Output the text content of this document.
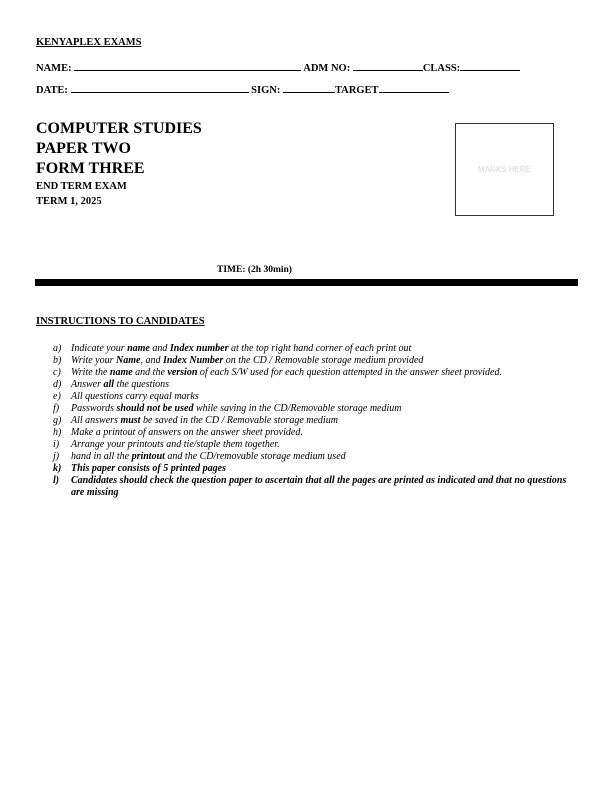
KENYAPLEX EXAMS
NAME:	ADM NO:	CLASS:
DATE:	SIGN:	TARGET
COMPUTER STUDIES
PAPER TWO
FORM THREE
END TERM EXAM
TERM 1, 2025
MARKS HERE
TIME: (2h 30min)
INSTRUCTIONS TO CANDIDATES
a) Indicate your name and Index number at the top right hand corner of each print out
b) Write your Name, and Index Number on the CD / Removable storage medium provided
c) Write the name and the version of each S/W used for each question attempted in the answer sheet provided.
d) Answer all the questions
e) All questions carry equal marks
f) Passwords should not be used while saving in the CD/Removable storage medium
g) All answers must be saved in the CD / Removable storage medium
h) Make a printout of answers on the answer sheet provided.
i) Arrange your printouts and tie/staple them together.
j) hand in all the printout and the CD/removable storage medium used
k) This paper consists of 5 printed pages
l) Candidates should check the question paper to ascertain that all the pages are printed as indicated and that no questions are missing
